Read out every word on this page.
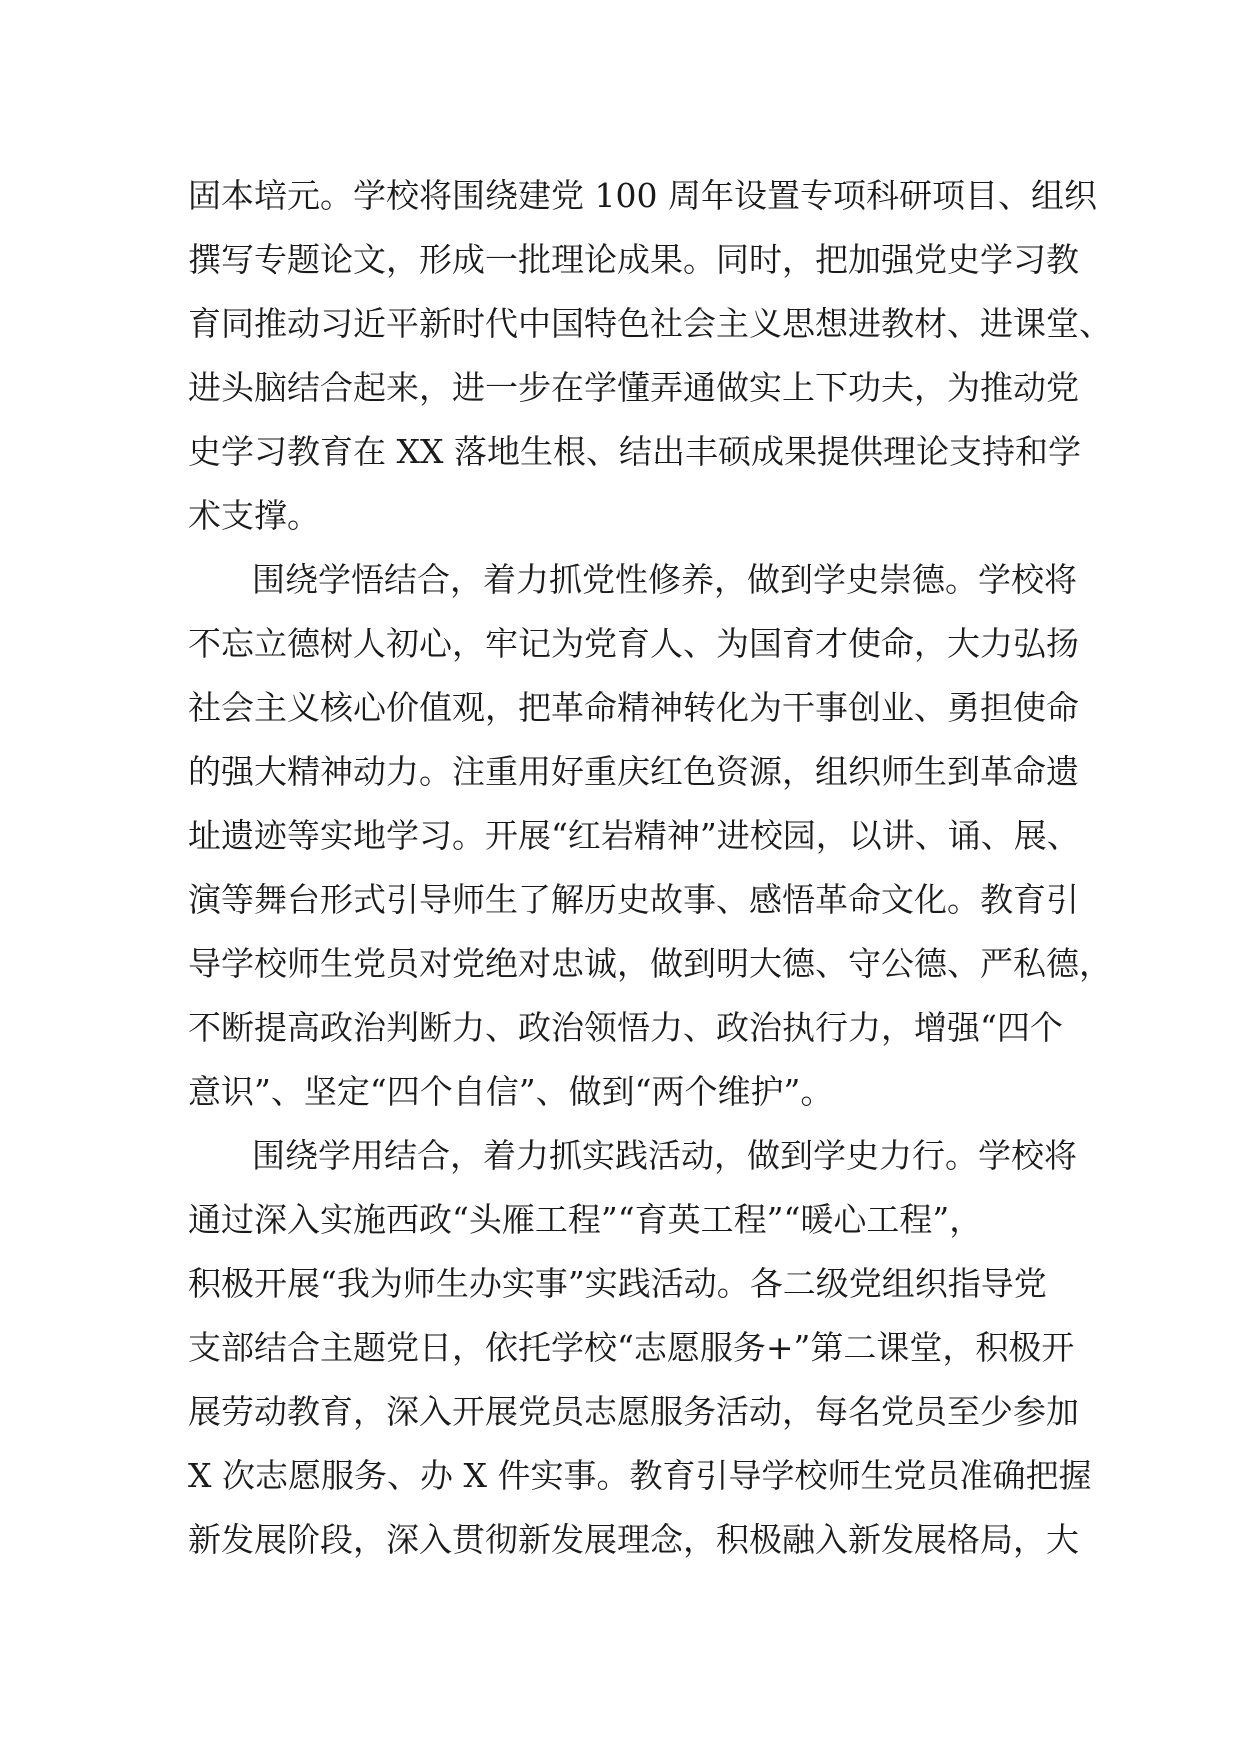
固本培元。学校将围绕建党 100 周年设置专项科研项目、组织
撰写专题论文，形成一批理论成果。同时，把加强党史学习教
育同推动习近平新时代中国特色社会主义思想进教材、进课堂、
进头脑结合起来，进一步在学懂弄通做实上下功夫，为推动党
史学习教育在 XX 落地生根、结出丰硕成果提供理论支持和学
术支撑。
围绕学悟结合，着力抓党性修养，做到学史崇德。学校将
不忘立德树人初心，牢记为党育人、为国育才使命，大力弘扬
社会主义核心价值观，把革命精神转化为干事创业、勇担使命
的强大精神动力。注重用好重庆红色资源，组织师生到革命遗
址遗迹等实地学习。开展“红岩精神”进校园，以讲、诵、展、
演等舞台形式引导师生了解历史故事、感悟革命文化。教育引
导学校师生党员对党绝对忠诚，做到明大德、守公德、严私德，
不断提高政治判断力、政治领悟力、政治执行力，增强“四个
意识”、坚定“四个自信”、做到“两个维护”。
围绕学用结合，着力抓实践活动，做到学史力行。学校将
通过深入实施西政“头雁工程”“育英工程”“暖心工程”，
积极开展“我为师生办实事”实践活动。各二级党组织指导党
支部结合主题党日，依托学校“志愿服务+”第二课堂，积极开
展劳动教育，深入开展党员志愿服务活动，每名党员至少参加
X 次志愿服务、办 X 件实事。教育引导学校师生党员准确把握
新发展阶段，深入贯彻新发展理念，积极融入新发展格局，大
